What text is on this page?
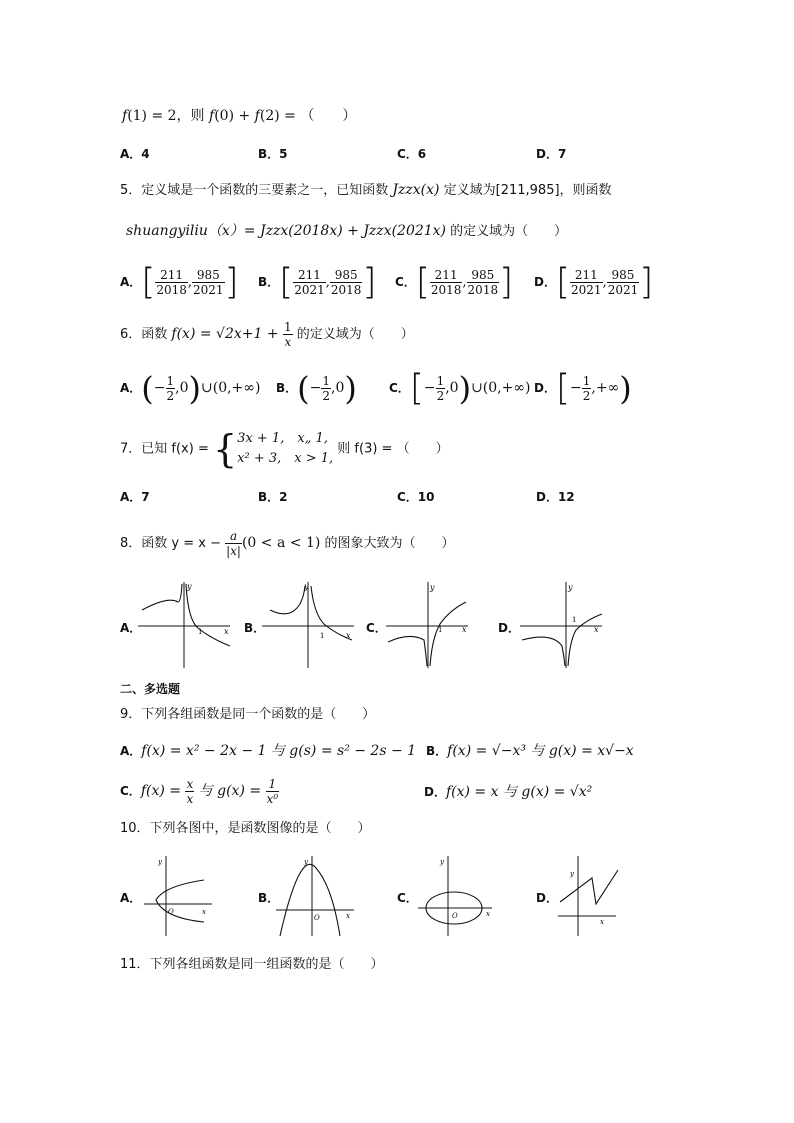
f(1) = 2，则 f(0) + f(2) = （　　）
A．4	B．5	C．6	D．7
5．定义域是一个函数的三要素之一，已知函数 Jzzx(x) 定义域为[211,985]，则函数
shuangyiliu（x）= Jzzx(2018x) + Jzzx(2021x) 的定义域为（　　）
A．[ $\frac{211}{2018}$ , $\frac{985}{2021}$ ] B．[ $\frac{211}{2021}$ , $\frac{985}{2018}$ ] C．[ $\frac{211}{2018}$ , $\frac{985}{2018}$ ] D．[ $\frac{211}{2021}$ , $\frac{985}{2021}$ ]
6．函数 $f(x) = √2x+1 + \frac{1}{x}$ 的定义域为（　　）
A．(− $\frac{1}{2}$ ,0)∪(0,+∞) B．(− $\frac{1}{2} ,0$)	C．[− $\frac{1}{2}$ ,0)∪(0,+∞) D．[− $\frac{1}{2}$ ,+∞)
7．已知 f(x) = { 3x + 1,　x„ 1,
x² + 3,　x > 1,
则 f(3) = （　　）
A．7	B．2	C．10	D．12
8．函数 $y = x - \frac{a}{|x|} (0 < a < 1)$ 的图象大致为（　　）
A．	B．	C．	D．
x
y
1	x
y
1
x
y
1	x
y
1
二、多选题
9．下列各组函数是同一个函数的是（　　）
A．f(x) = x² − 2x − 1 与 g(s) = s² − 2s − 1 B．f(x) = √−x³ 与 g(x) = x√−x
C．$f(x) = \frac{x}{x}$ 与 $g(x) = \frac{1}{\text{x⁰}}$	D．f(x) = x 与 g(x) = √x²
10．下列各图中，是函数图像的是（　　）
A．	B．	C．	D．
y
x
O
y
x
O
y
x
O
y
x
11．下列各组函数是同一组函数的是（　　）
